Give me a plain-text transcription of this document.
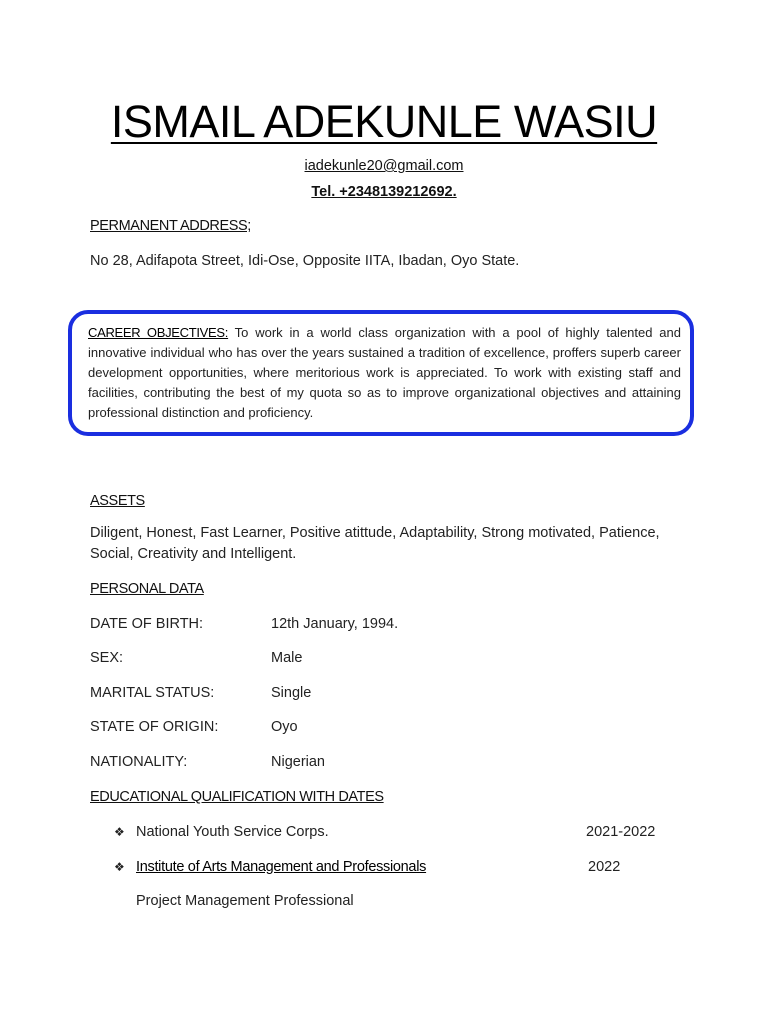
ISMAIL ADEKUNLE WASIU
iadekunle20@gmail.com
Tel. +2348139212692.
PERMANENT ADDRESS;
No 28, Adifapota Street, Idi-Ose, Opposite IITA, Ibadan, Oyo State.
CAREER OBJECTIVES: To work in a world class organization with a pool of highly talented and innovative individual who has over the years sustained a tradition of excellence, proffers superb career development opportunities, where meritorious work is appreciated. To work with existing staff and facilities, contributing the best of my quota so as to improve organizational objectives and attaining professional distinction and proficiency.
ASSETS
Diligent, Honest, Fast Learner, Positive atittude, Adaptability, Strong motivated, Patience, Social, Creativity and Intelligent.
PERSONAL DATA
DATE OF BIRTH:	12th January, 1994.
SEX:	Male
MARITAL STATUS:	Single
STATE OF ORIGIN:	Oyo
NATIONALITY:	Nigerian
EDUCATIONAL QUALIFICATION WITH DATES
❖ National Youth Service Corps.	2021-2022
❖ Institute of Arts Management and Professionals	2022
Project Management Professional
